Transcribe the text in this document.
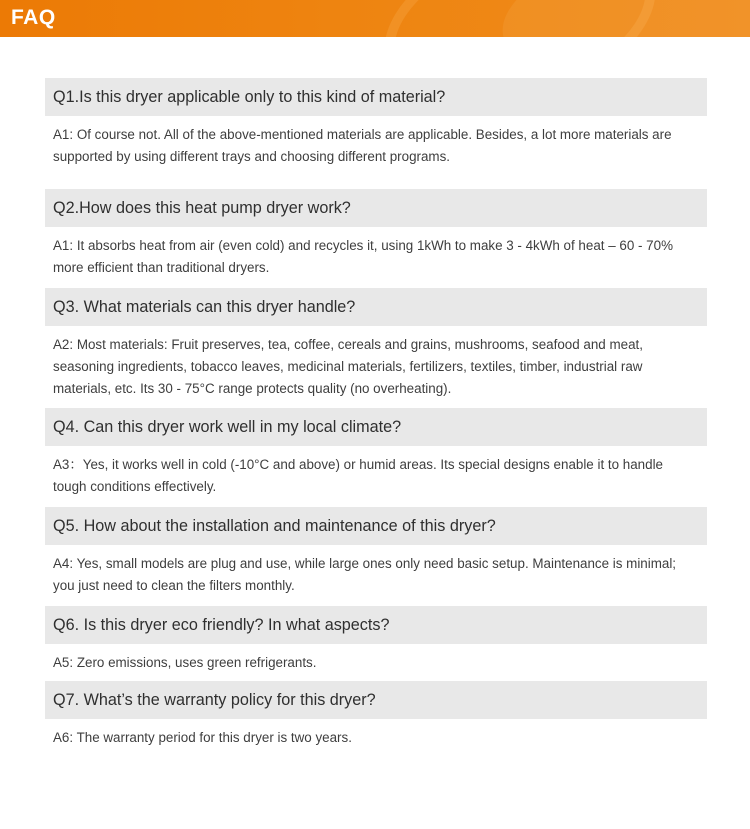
FAQ
Q1.Is this dryer applicable only to this kind of material?
A1: Of course not. All of the above-mentioned materials are applicable. Besides, a lot more materials are supported by using different trays and choosing different programs.
Q2.How does this heat pump dryer work?
A1: It absorbs heat from air (even cold) and recycles it, using 1kWh to make 3 - 4kWh of heat – 60 - 70% more efficient than traditional dryers.
Q3. What materials can this dryer handle?
A2: Most materials: Fruit preserves, tea, coffee, cereals and grains, mushrooms, seafood and meat, seasoning ingredients, tobacco leaves, medicinal materials, fertilizers, textiles, timber, industrial raw materials, etc. Its 30 - 75°C range protects quality (no overheating).
Q4. Can this dryer work well in my local climate?
A3：Yes, it works well in cold (-10°C and above) or humid areas. Its special designs enable it to handle tough conditions effectively.
Q5. How about the installation and maintenance of this dryer?
A4: Yes, small models are plug and use, while large ones only need basic setup. Maintenance is minimal; you just need to clean the filters monthly.
Q6. Is this dryer eco friendly? In what aspects?
A5: Zero emissions, uses green refrigerants.
Q7. What’s the warranty policy for this dryer?
A6: The warranty period for this dryer is two years.
